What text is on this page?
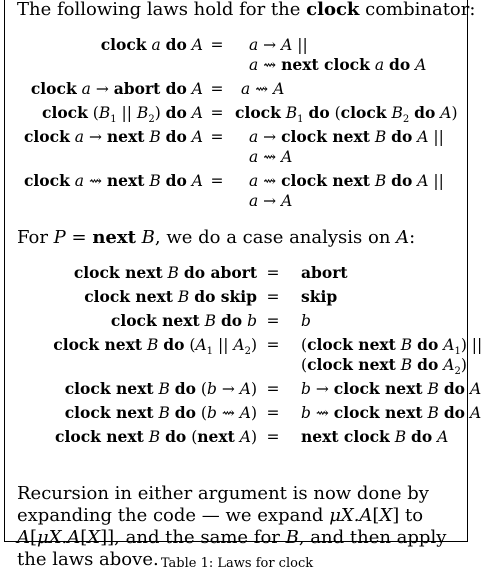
The following laws hold for the clock combinator:
clock a do A =	a → A ||
a ⇝ next clock a do A
clock a → abort do A =	a ⇝ A
clock ($B_1$ || $B_2$) do A = clock $B_1$ do (clock $B_2$ do A)
clock a → next B do A =	a → clock next B do A ||
a ⇝ A
clock a ⇝ next B do A =	a ⇝ clock next B do A ||
a → A
For P = next B, we do a case analysis on A:
clock next B do abort =	abort
clock next B do skip =	skip
clock next B do b =	b
clock next B do ($A_1$ || $A_2$) =	(clock next B do $A_1$) ||
(clock next B do $A_2$)
clock next B do (b → A) =	b → clock next B do A
clock next B do (b ⇝ A) =	b ⇝ clock next B do A
clock next B do (next A) =	next clock B do A
Recursion in either argument is now done by expanding the code — we expand μX.A[X] to A[μX.A[X]], and the same for B, and then apply the laws above. Table 1: Laws for clock
